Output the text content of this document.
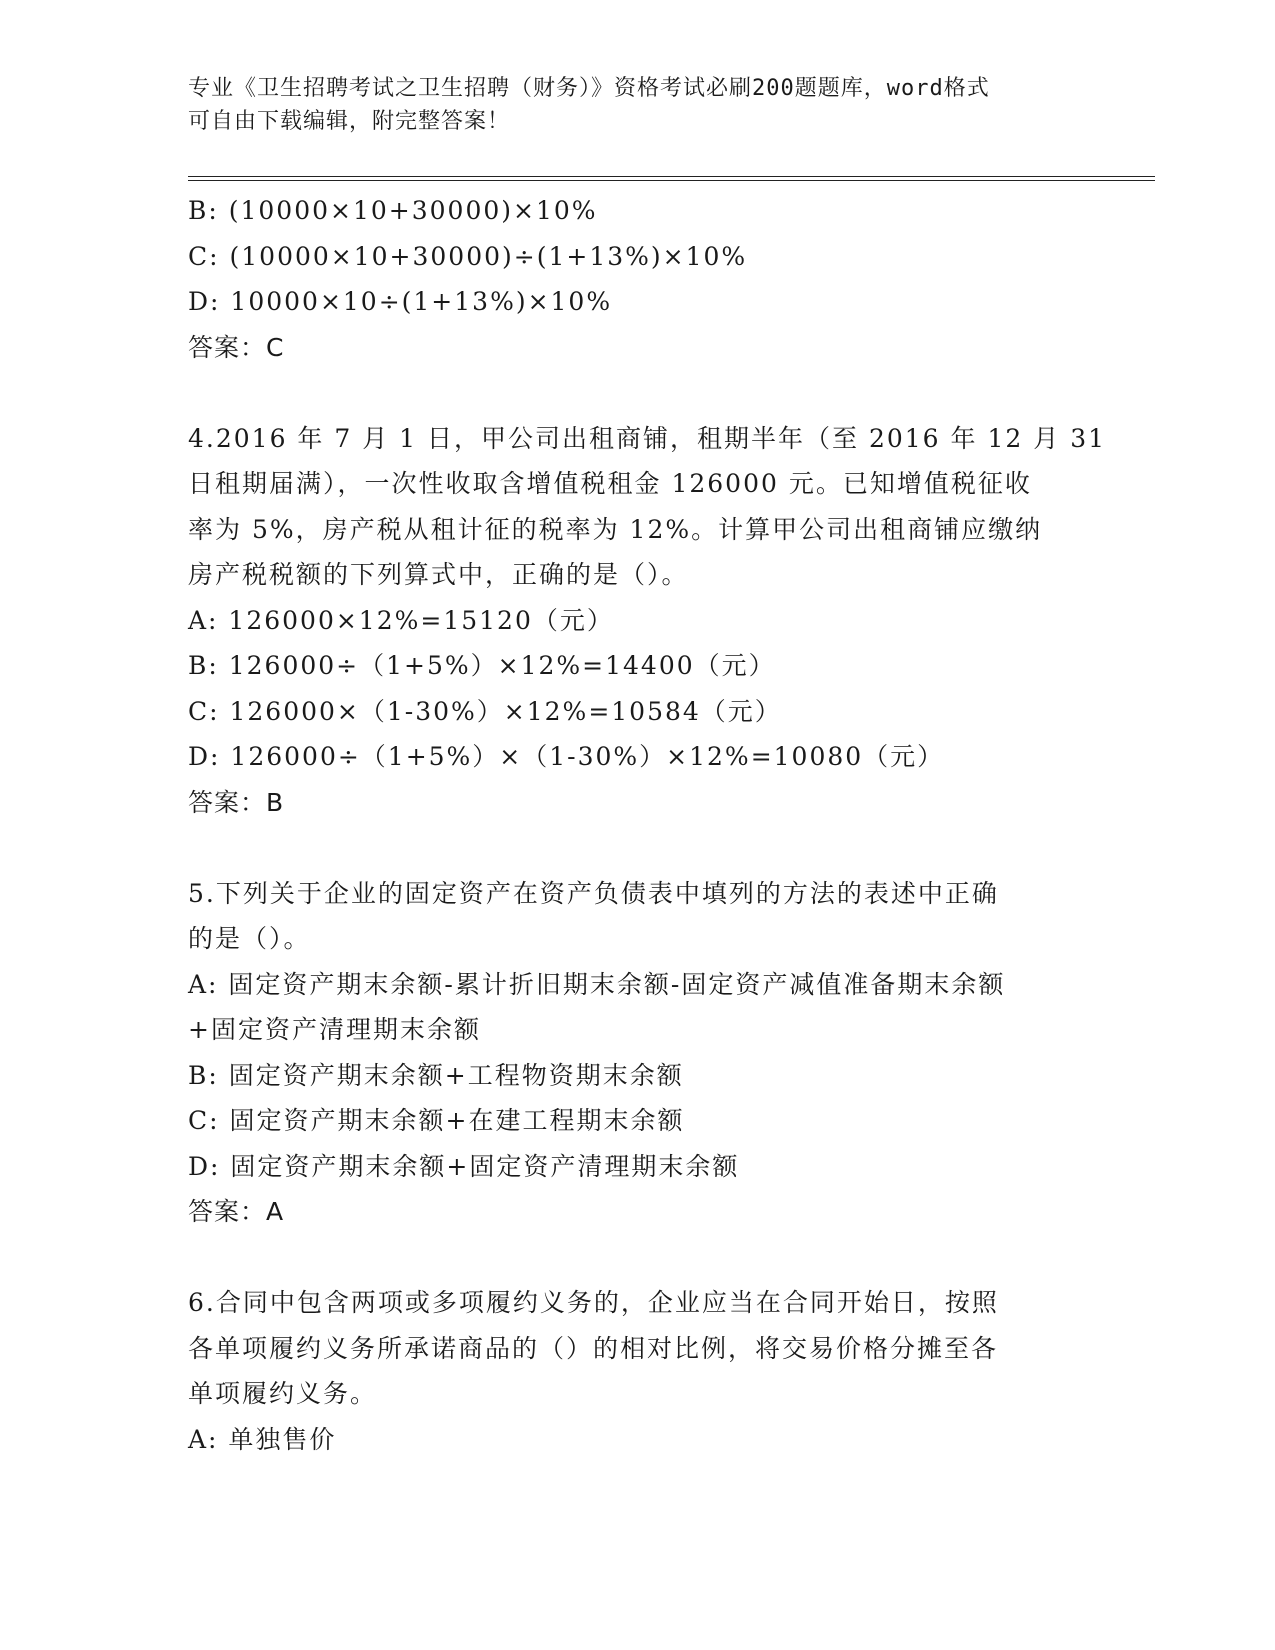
专业《卫生招聘考试之卫生招聘（财务）》资格考试必刷200题题库，word格式
可自由下载编辑，附完整答案！
B: (10000×10+30000)×10%
C: (10000×10+30000)÷(1+13%)×10%
D: 10000×10÷(1+13%)×10%
答案：C
4.2016 年 7 月 1 日，甲公司出租商铺，租期半年（至 2016 年 12 月 31
日租期届满），一次性收取含增值税租金 126000 元。已知增值税征收
率为 5%，房产税从租计征的税率为 12%。计算甲公司出租商铺应缴纳
房产税税额的下列算式中，正确的是（）。
A: 126000×12%=15120（元）
B: 126000÷（1+5%）×12%=14400（元）
C: 126000×（1-30%）×12%=10584（元）
D: 126000÷（1+5%）×（1-30%）×12%=10080（元）
答案：B
5.下列关于企业的固定资产在资产负债表中填列的方法的表述中正确
的是（）。
A: 固定资产期末余额-累计折旧期末余额-固定资产减值准备期末余额
+固定资产清理期末余额
B: 固定资产期末余额+工程物资期末余额
C: 固定资产期末余额+在建工程期末余额
D: 固定资产期末余额+固定资产清理期末余额
答案：A
6.合同中包含两项或多项履约义务的，企业应当在合同开始日，按照
各单项履约义务所承诺商品的（）的相对比例，将交易价格分摊至各
单项履约义务。
A: 单独售价
